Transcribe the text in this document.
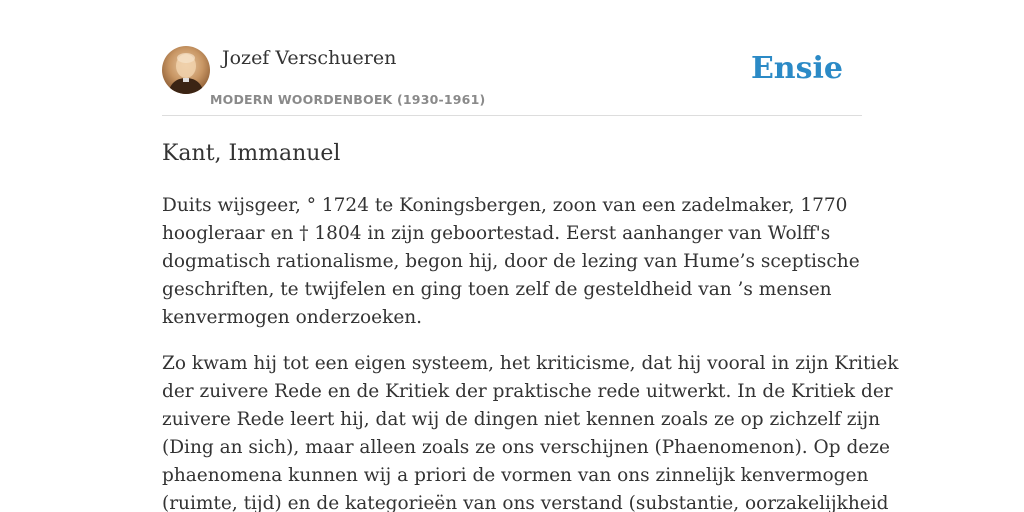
Jozef Verschueren
MODERN WOORDENBOEK (1930-1961)
Ensie
Kant, Immanuel

Duits wijsgeer, ° 1724 te Koningsbergen, zoon van een zadelmaker, 1770
hoogleraar en † 1804 in zijn geboortestad. Eerst aanhanger van Wolff's
dogmatisch rationalisme, begon hij, door de lezing van Hume’s sceptische
geschriften, te twijfelen en ging toen zelf de gesteldheid van ’s mensen
kenvermogen onderzoeken.

Zo kwam hij tot een eigen systeem, het kriticisme, dat hij vooral in zijn Kritiek
der zuivere Rede en de Kritiek der praktische rede uitwerkt. In de Kritiek der
zuivere Rede leert hij, dat wij de dingen niet kennen zoals ze op zichzelf zijn
(Ding an sich), maar alleen zoals ze ons verschijnen (Phaenomenon). Op deze
phaenomena kunnen wij a priori de vormen van ons zinnelijk kenvermogen
(ruimte, tijd) en de kategorieën van ons verstand (substantie, oorzakelijkheid
